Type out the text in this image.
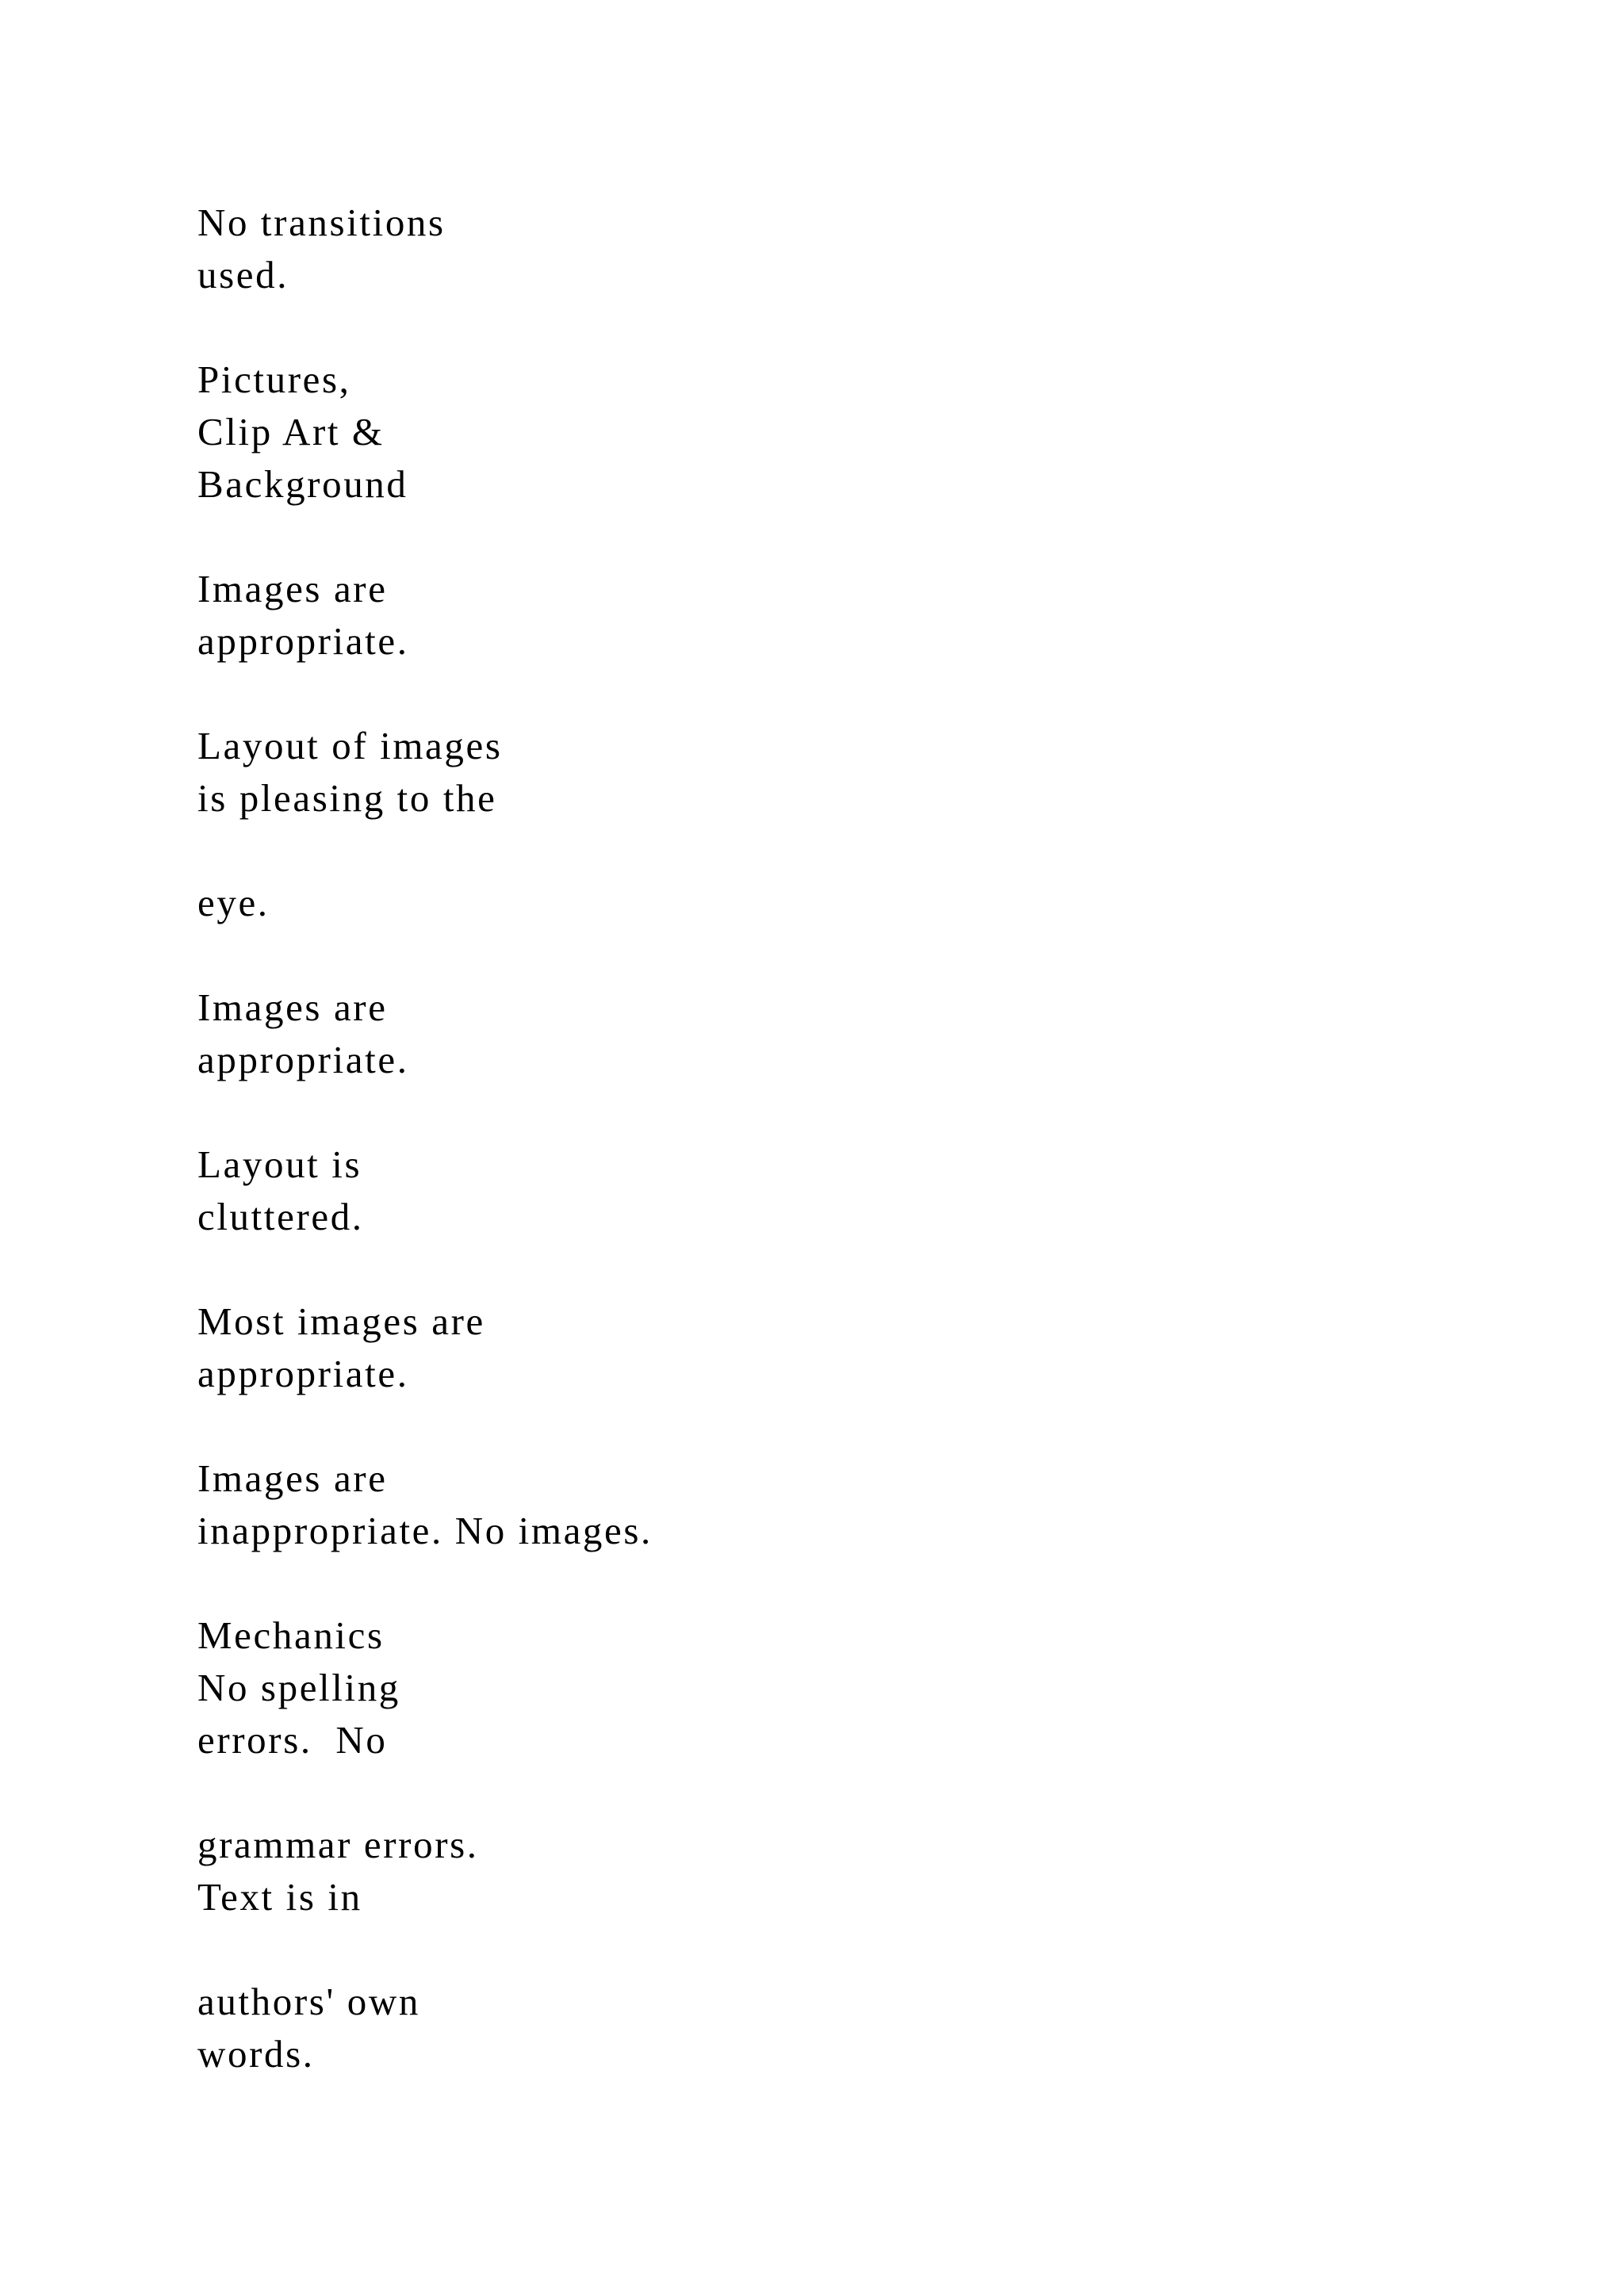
No transitions

used.

Pictures,

Clip Art &

Background

Images are

appropriate.

Layout of images

is pleasing to the

eye.

Images are

appropriate.

Layout is

cluttered.

Most images are

appropriate.

Images are

inappropriate. No images.

Mechanics

No spelling

errors.  No

grammar errors.

Text is in

authors' own

words.
